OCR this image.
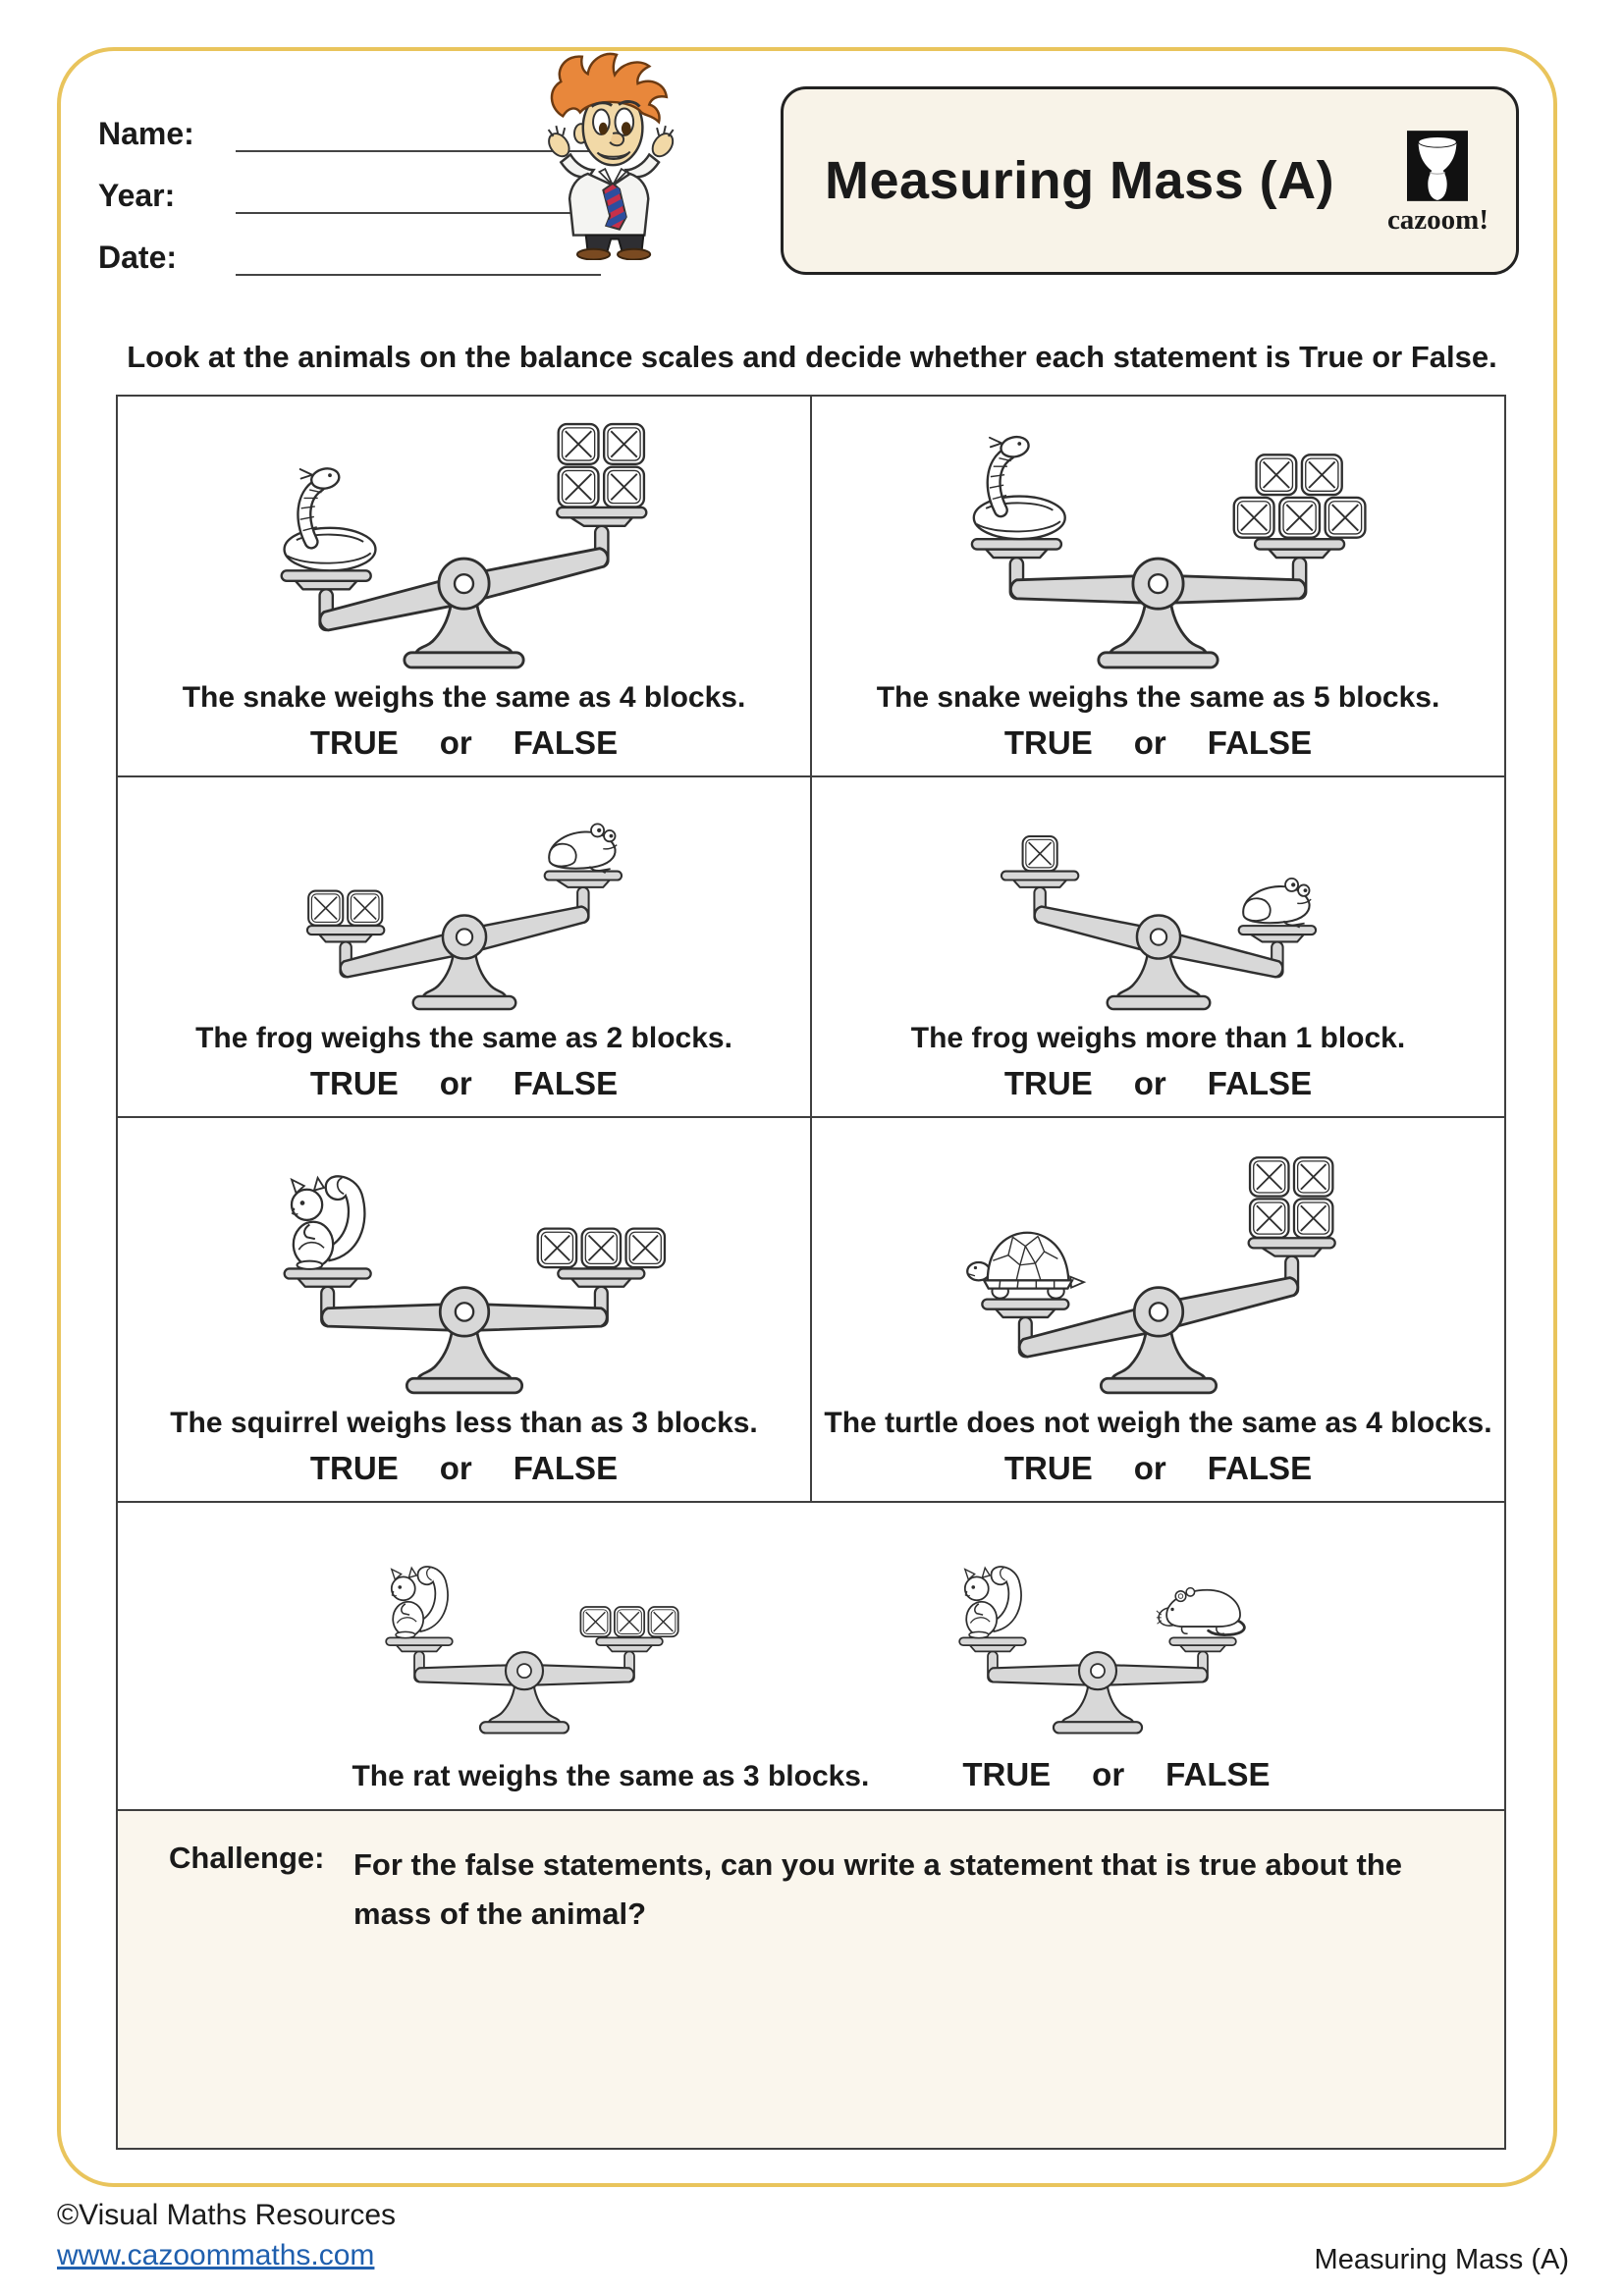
Name:
Year:
Date:
Measuring Mass (A)
cazoom!
Look at the animals on the balance scales and decide whether each statement is True or False.
The snake weighs the same as 4 blocks.
TRUE or FALSE
The snake weighs the same as 5 blocks.
TRUE or FALSE
The frog weighs the same as 2 blocks.
TRUE or FALSE
The frog weighs more than 1 block.
TRUE or FALSE
The squirrel weighs less than as 3 blocks.
TRUE or FALSE
The turtle does not weigh the same as 4 blocks.
TRUE or FALSE
The rat weighs the same as 3 blocks.	TRUE or FALSE
Challenge: For the false statements, can you write a statement that is true about the mass of the animal?
©Visual Maths Resources
www.cazoommaths.com	Measuring Mass (A)
